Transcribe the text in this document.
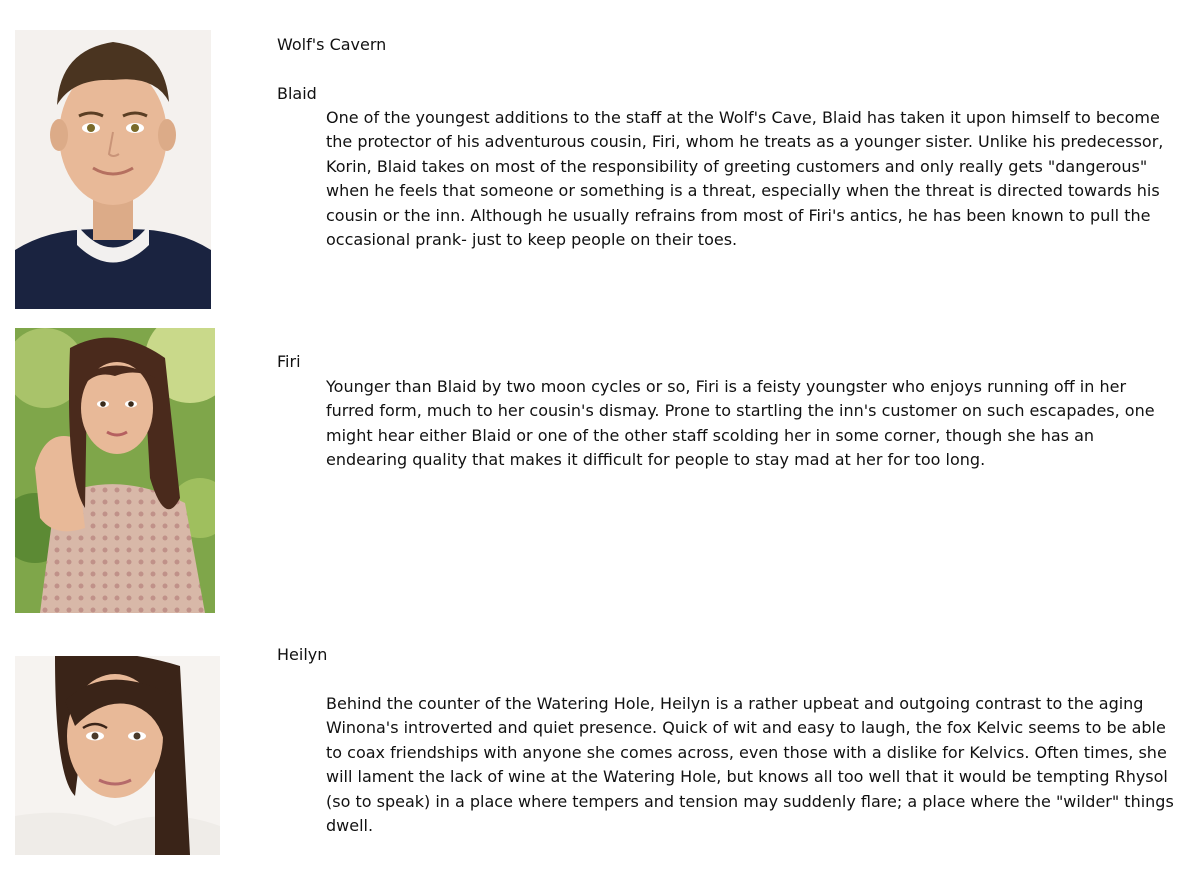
Wolf's Cavern
Blaid
One of the youngest additions to the staff at the Wolf's Cave, Blaid has taken it upon himself to become the protector of his adventurous cousin, Firi, whom he treats as a younger sister. Unlike his predecessor, Korin, Blaid takes on most of the responsibility of greeting customers and only really gets "dangerous" when he feels that someone or something is a threat, especially when the threat is directed towards his cousin or the inn. Although he usually refrains from most of Firi's antics, he has been known to pull the occasional prank- just to keep people on their toes.
Firi
Younger than Blaid by two moon cycles or so, Firi is a feisty youngster who enjoys running off in her furred form, much to her cousin's dismay. Prone to startling the inn's customer on such escapades, one might hear either Blaid or one of the other staff scolding her in some corner, though she has an endearing quality that makes it difficult for people to stay mad at her for too long.
Heilyn
Behind the counter of the Watering Hole, Heilyn is a rather upbeat and outgoing contrast to the aging Winona's introverted and quiet presence. Quick of wit and easy to laugh, the fox Kelvic seems to be able to coax friendships with anyone she comes across, even those with a dislike for Kelvics. Often times, she will lament the lack of wine at the Watering Hole, but knows all too well that it would be tempting Rhysol (so to speak) in a place where tempers and tension may suddenly flare; a place where the "wilder" things dwell.
